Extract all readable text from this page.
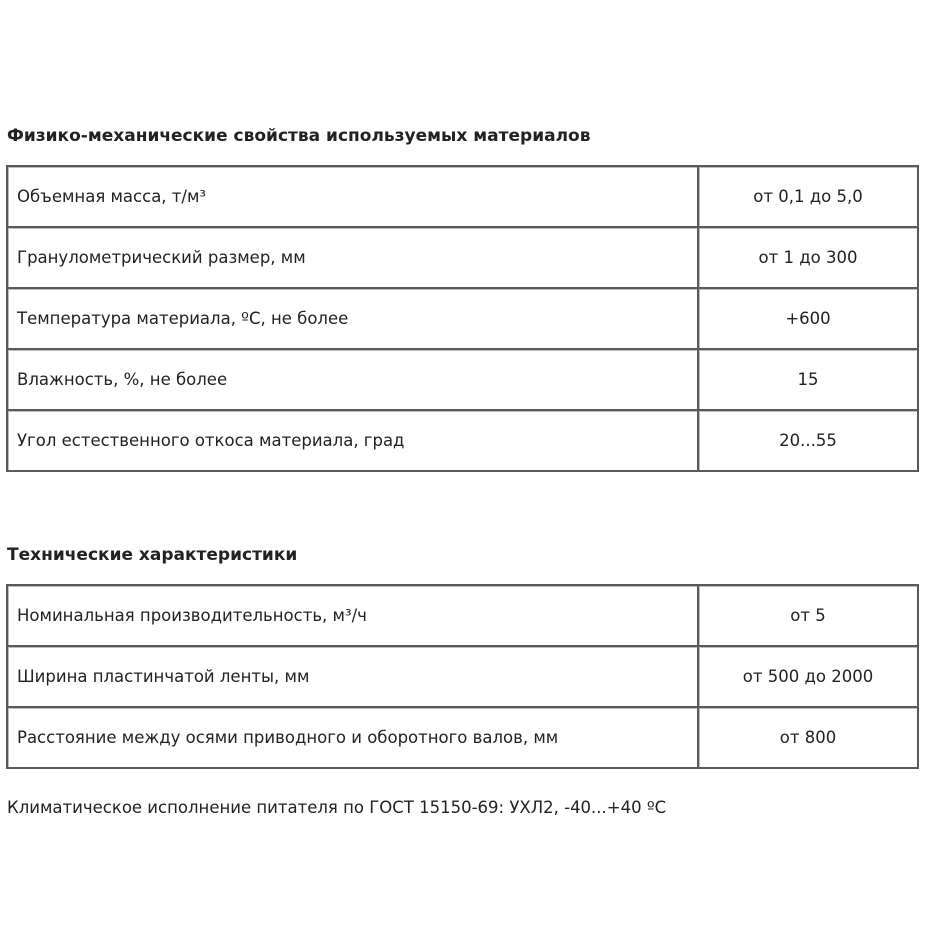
Физико-механические свойства используемых материалов
Объемная масса, т/м³	от 0,1 до 5,0
Гранулометрический размер, мм	от 1 до 300
Температура материала, ºС, не более	+600
Влажность, %, не более	15
Угол естественного откоса материала, град	20...55
Технические характеристики
Номинальная производительность, м³/ч	от 5
Ширина пластинчатой ленты, мм	от 500 до 2000
Расстояние между осями приводного и оборотного валов, мм	от 800
Климатическое исполнение питателя по ГОСТ 15150-69: УХЛ2, -40...+40 ºС
